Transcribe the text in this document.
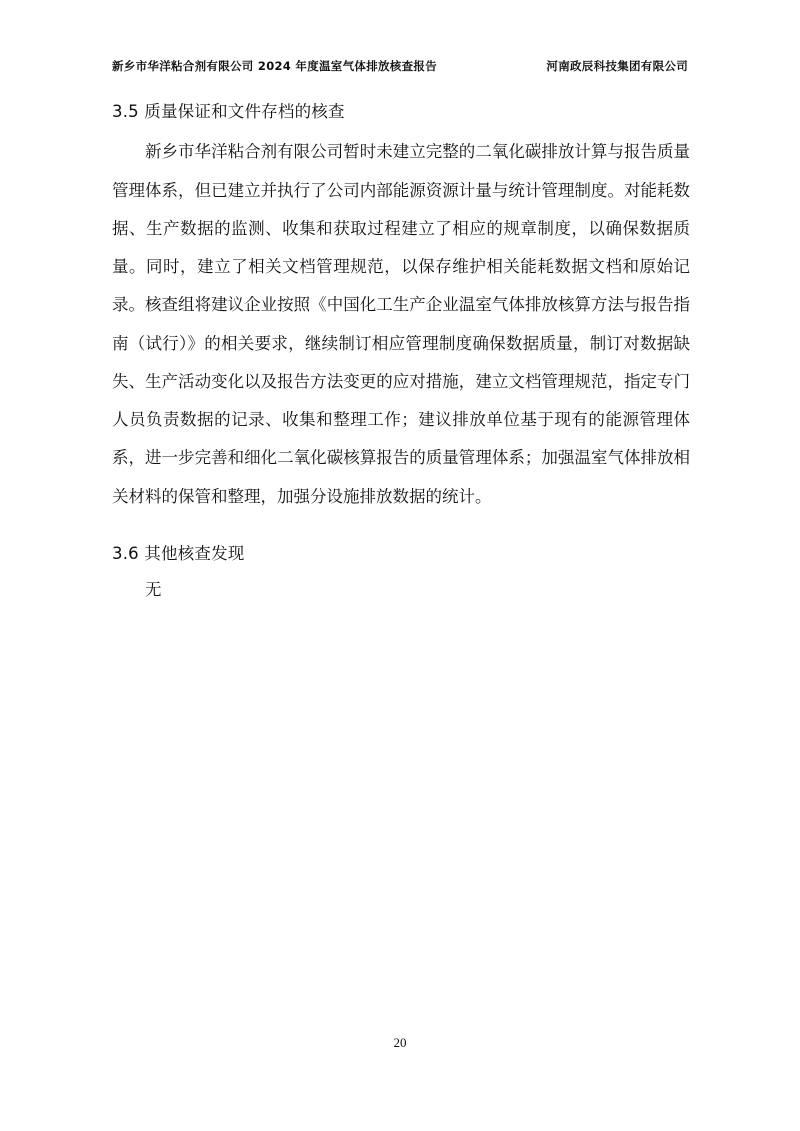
新乡市华洋粘合剂有限公司 2024 年度温室气体排放核查报告	河南政辰科技集团有限公司
3.5 质量保证和文件存档的核查
新乡市华洋粘合剂有限公司暂时未建立完整的二氧化碳排放计算与报告质量管理体系，但已建立并执行了公司内部能源资源计量与统计管理制度。对能耗数据、生产数据的监测、收集和获取过程建立了相应的规章制度，以确保数据质量。同时，建立了相关文档管理规范，以保存维护相关能耗数据文档和原始记录。核查组将建议企业按照《中国化工生产企业温室气体排放核算方法与报告指南（试行）》的相关要求，继续制订相应管理制度确保数据质量，制订对数据缺失、生产活动变化以及报告方法变更的应对措施，建立文档管理规范，指定专门人员负责数据的记录、收集和整理工作；建议排放单位基于现有的能源管理体系，进一步完善和细化二氧化碳核算报告的质量管理体系；加强温室气体排放相关材料的保管和整理，加强分设施排放数据的统计。
3.6 其他核查发现
无
20
